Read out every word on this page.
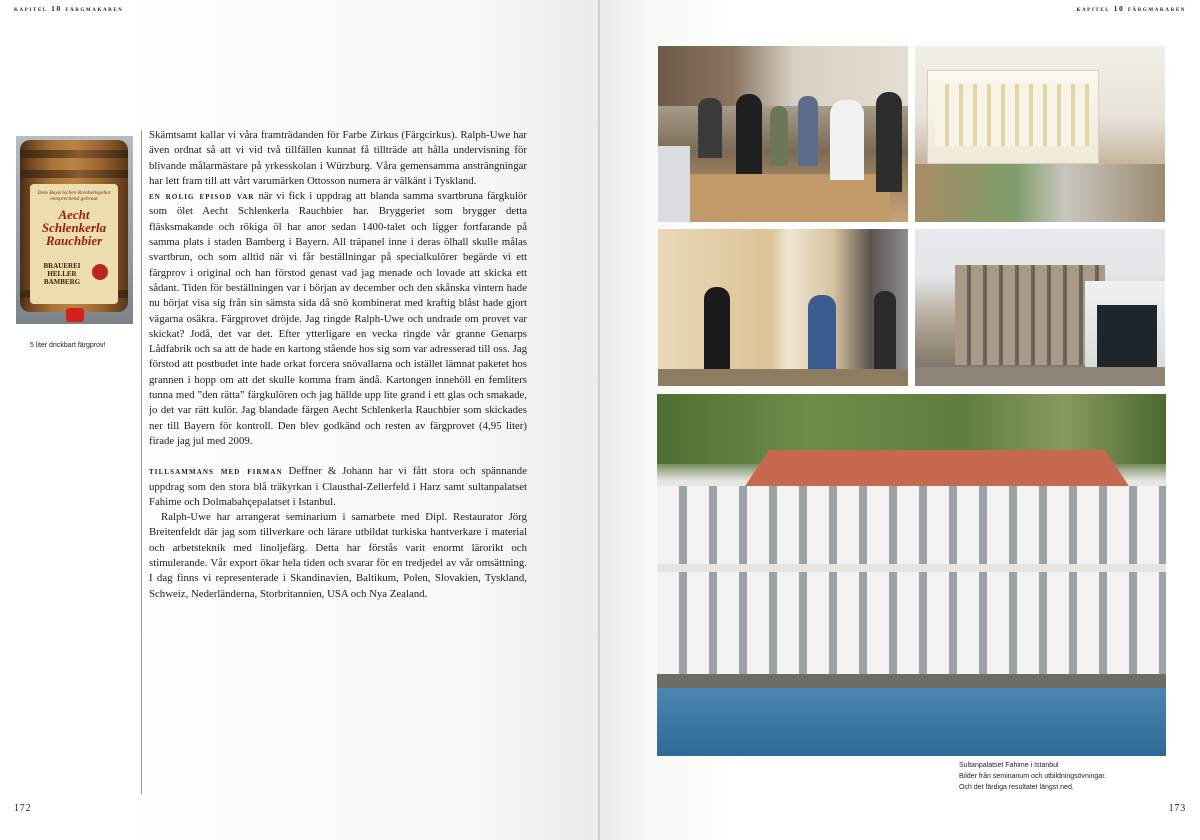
kapitel 10 färgmakaren
Dem Bayerischen Reinheitsgebot entsprechend gebraut
Aecht Schlenkerla Rauchbier
BRAUEREI HELLER BAMBERG
5 liter drickbart färgprov!

Skämtsamt kallar vi våra framträdanden för Farbe Zirkus (Färgcirkus). Ralph-Uwe har även ordnat så att vi vid två tillfällen kunnat få tillträde att hålla undervisning för blivande målarmästare på yrkesskolan i Würzburg. Våra gemensamma ansträngningar har lett fram till att vårt varumärken Ottosson numera är välkänt i Tyskland.

en rolig episod var när vi fick i uppdrag att blanda samma svartbruna färgkulör som ölet Aecht Schlenkerla Rauchbier har. Bryggeriet som brygger detta fläsksmakande och rökiga öl har anor sedan 1400-talet och ligger fortfarande på samma plats i staden Bamberg i Bayern. All träpanel inne i deras ölhall skulle målas svartbrun, och som alltid när vi får beställningar på specialkulörer begärde vi ett färgprov i original och han förstod genast vad jag menade och lovade att skicka ett sådant. Tiden för beställningen var i början av december och den skånska vintern hade nu börjat visa sig från sin sämsta sida då snö kombinerat med kraftig blåst hade gjort vägarna osäkra. Färgprovet dröjde. Jag ringde Ralph-Uwe och undrade om provet var skickat? Jodå, det var det. Efter ytterligare en vecka ringde vår granne Genarps Lådfabrik och sa att de hade en kartong stående hos sig som var adresserad till oss. Jag förstod att postbudet inte hade orkat forcera snövallarna och istället lämnat paketet hos grannen i hopp om att det skulle komma fram ändå. Kartongen innehöll en femliters tunna med ”den rätta” färgkulören och jag hällde upp lite grand i ett glas och smakade, jo det var rätt kulör. Jag blandade färgen Aecht Schlenkerla Rauchbier som skickades ner till Bayern för kontroll. Den blev godkänd och resten av färgprovet (4,95 liter) firade jag jul med 2009.

tillsammans med firman Deffner & Johann har vi fått stora och spännande uppdrag som den stora blå träkyrkan i Clausthal-Zellerfeld i Harz samt sultanpalatset Fahime och Dolmabahçepalatset i Istanbul.

Ralph-Uwe har arrangerat seminarium i samarbete med Dipl. Restaurator Jörg Breitenfeldt där jag som tillverkare och lärare utbildat turkiska hantverkare i material och arbetsteknik med linoljefärg. Detta har förstås varit enormt lärorikt och stimulerande. Vår export ökar hela tiden och svarar för en tredjedel av vår omsättning. I dag finns vi representerade i Skandinavien, Baltikum, Polen, Slovakien, Tyskland, Schweiz, Nederländerna, Storbritannien, USA och Nya Zealand.

172
kapitel 10 färgmakaren
Sultanpalatset Fahime i Istanbul
Bilder från seminarium och utbildningsövningar.
Och det färdiga resultatet längst ned.
173
